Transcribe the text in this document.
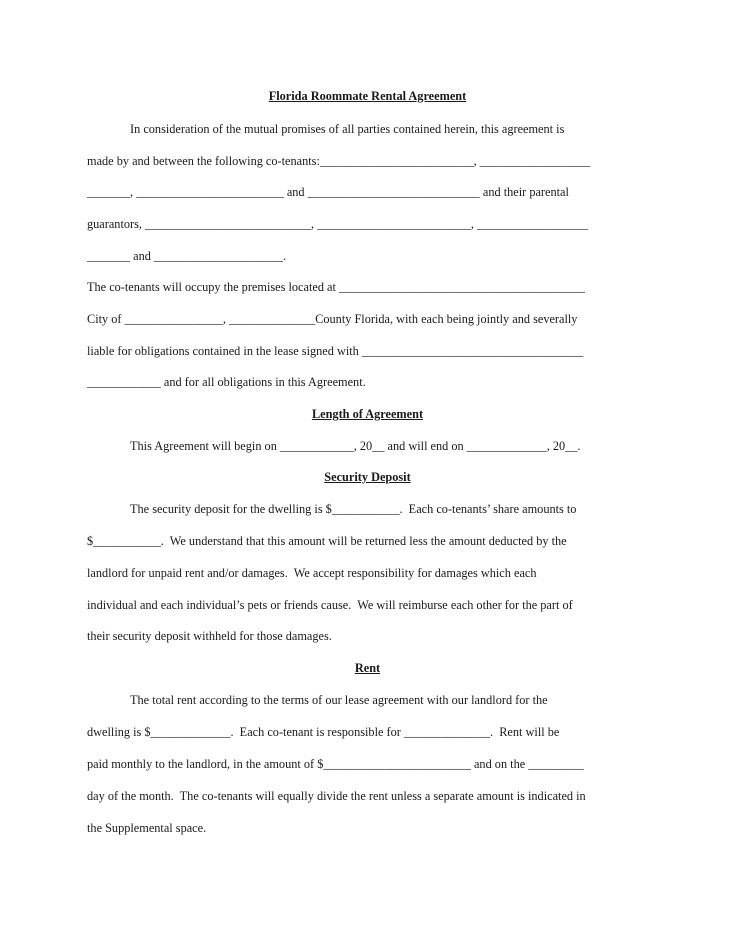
Florida Roommate Rental Agreement

In consideration of the mutual promises of all parties contained herein, this agreement is

made by and between the following co-tenants:_________________________, __________________

_______, ________________________ and ____________________________ and their parental

guarantors, ___________________________, _________________________, __________________

_______ and _____________________.

The co-tenants will occupy the premises located at ________________________________________

City of ________________, ______________County Florida, with each being jointly and severally

liable for obligations contained in the lease signed with ____________________________________

____________ and for all obligations in this Agreement.

Length of Agreement

This Agreement will begin on ____________, 20__ and will end on _____________, 20__.

Security Deposit

The security deposit for the dwelling is $___________.  Each co-tenants’ share amounts to

$___________.  We understand that this amount will be returned less the amount deducted by the

landlord for unpaid rent and/or damages.  We accept responsibility for damages which each

individual and each individual’s pets or friends cause.  We will reimburse each other for the part of

their security deposit withheld for those damages.

Rent

The total rent according to the terms of our lease agreement with our landlord for the

dwelling is $_____________.  Each co-tenant is responsible for ______________.  Rent will be

paid monthly to the landlord, in the amount of $________________________ and on the _________

day of the month.  The co-tenants will equally divide the rent unless a separate amount is indicated in

the Supplemental space.
